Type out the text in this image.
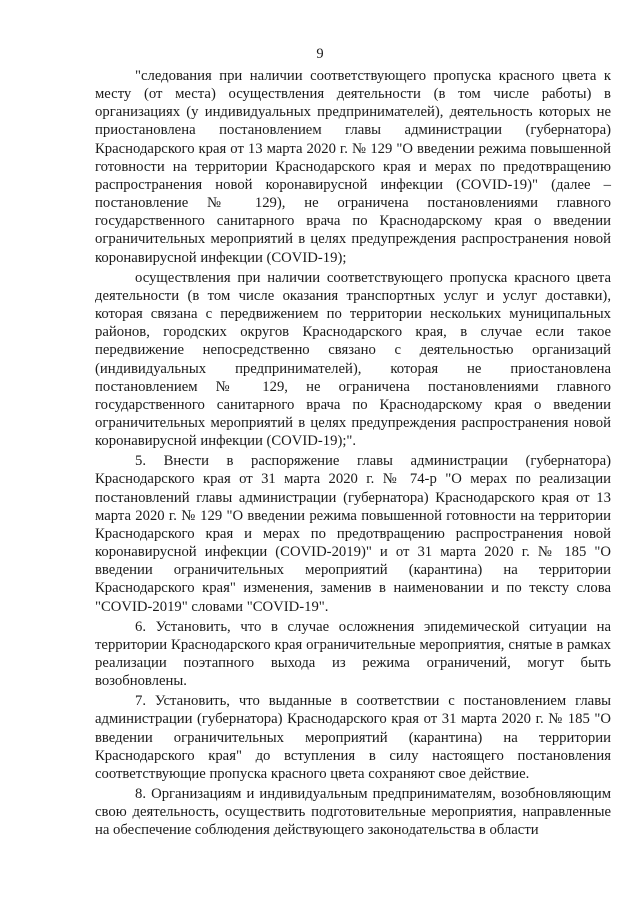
9

"следования при наличии соответствующего пропуска красного цвета к месту (от места) осуществления деятельности (в том числе работы) в организациях (у индивидуальных предпринимателей), деятельность которых не приостановлена постановлением главы администрации (губернатора) Краснодарского края от 13 марта 2020 г. № 129 "О введении режима повышенной готовности на территории Краснодарского края и мерах по предотвращению распространения новой коронавирусной инфекции (COVID-19)" (далее – постановление № 129), не ограничена постановлениями главного государственного санитарного врача по Краснодарскому края о введении ограничительных мероприятий в целях предупреждения распространения новой коронавирусной инфекции (COVID-19);

осуществления при наличии соответствующего пропуска красного цвета деятельности (в том числе оказания транспортных услуг и услуг доставки), которая связана с передвижением по территории нескольких муниципальных районов, городских округов Краснодарского края, в случае если такое передвижение непосредственно связано с деятельностью организаций (индивидуальных предпринимателей), которая не приостановлена постановлением № 129, не ограничена постановлениями главного государственного санитарного врача по Краснодарскому края о введении ограничительных мероприятий в целях предупреждения распространения новой коронавирусной инфекции (COVID-19);".

5. Внести в распоряжение главы администрации (губернатора) Краснодарского края от 31 марта 2020 г. № 74-р "О мерах по реализации постановлений главы администрации (губернатора) Краснодарского края от 13 марта 2020 г. № 129 "О введении режима повышенной готовности на территории Краснодарского края и мерах по предотвращению распространения новой коронавирусной инфекции (COVID-2019)" и от 31 марта 2020 г. № 185 "О введении ограничительных мероприятий (карантина) на территории Краснодарского края" изменения, заменив в наименовании и по тексту слова "COVID-2019" словами "COVID-19".

6. Установить, что в случае осложнения эпидемической ситуации на территории Краснодарского края ограничительные мероприятия, снятые в рамках реализации поэтапного выхода из режима ограничений, могут быть возобновлены.

7. Установить, что выданные в соответствии с постановлением главы администрации (губернатора) Краснодарского края от 31 марта 2020 г. № 185 "О введении ограничительных мероприятий (карантина) на территории Краснодарского края" до вступления в силу настоящего постановления соответствующие пропуска красного цвета сохраняют свое действие.

8. Организациям и индивидуальным предпринимателям, возобновляющим свою деятельность, осуществить подготовительные мероприятия, направленные на обеспечение соблюдения действующего законодательства в области
